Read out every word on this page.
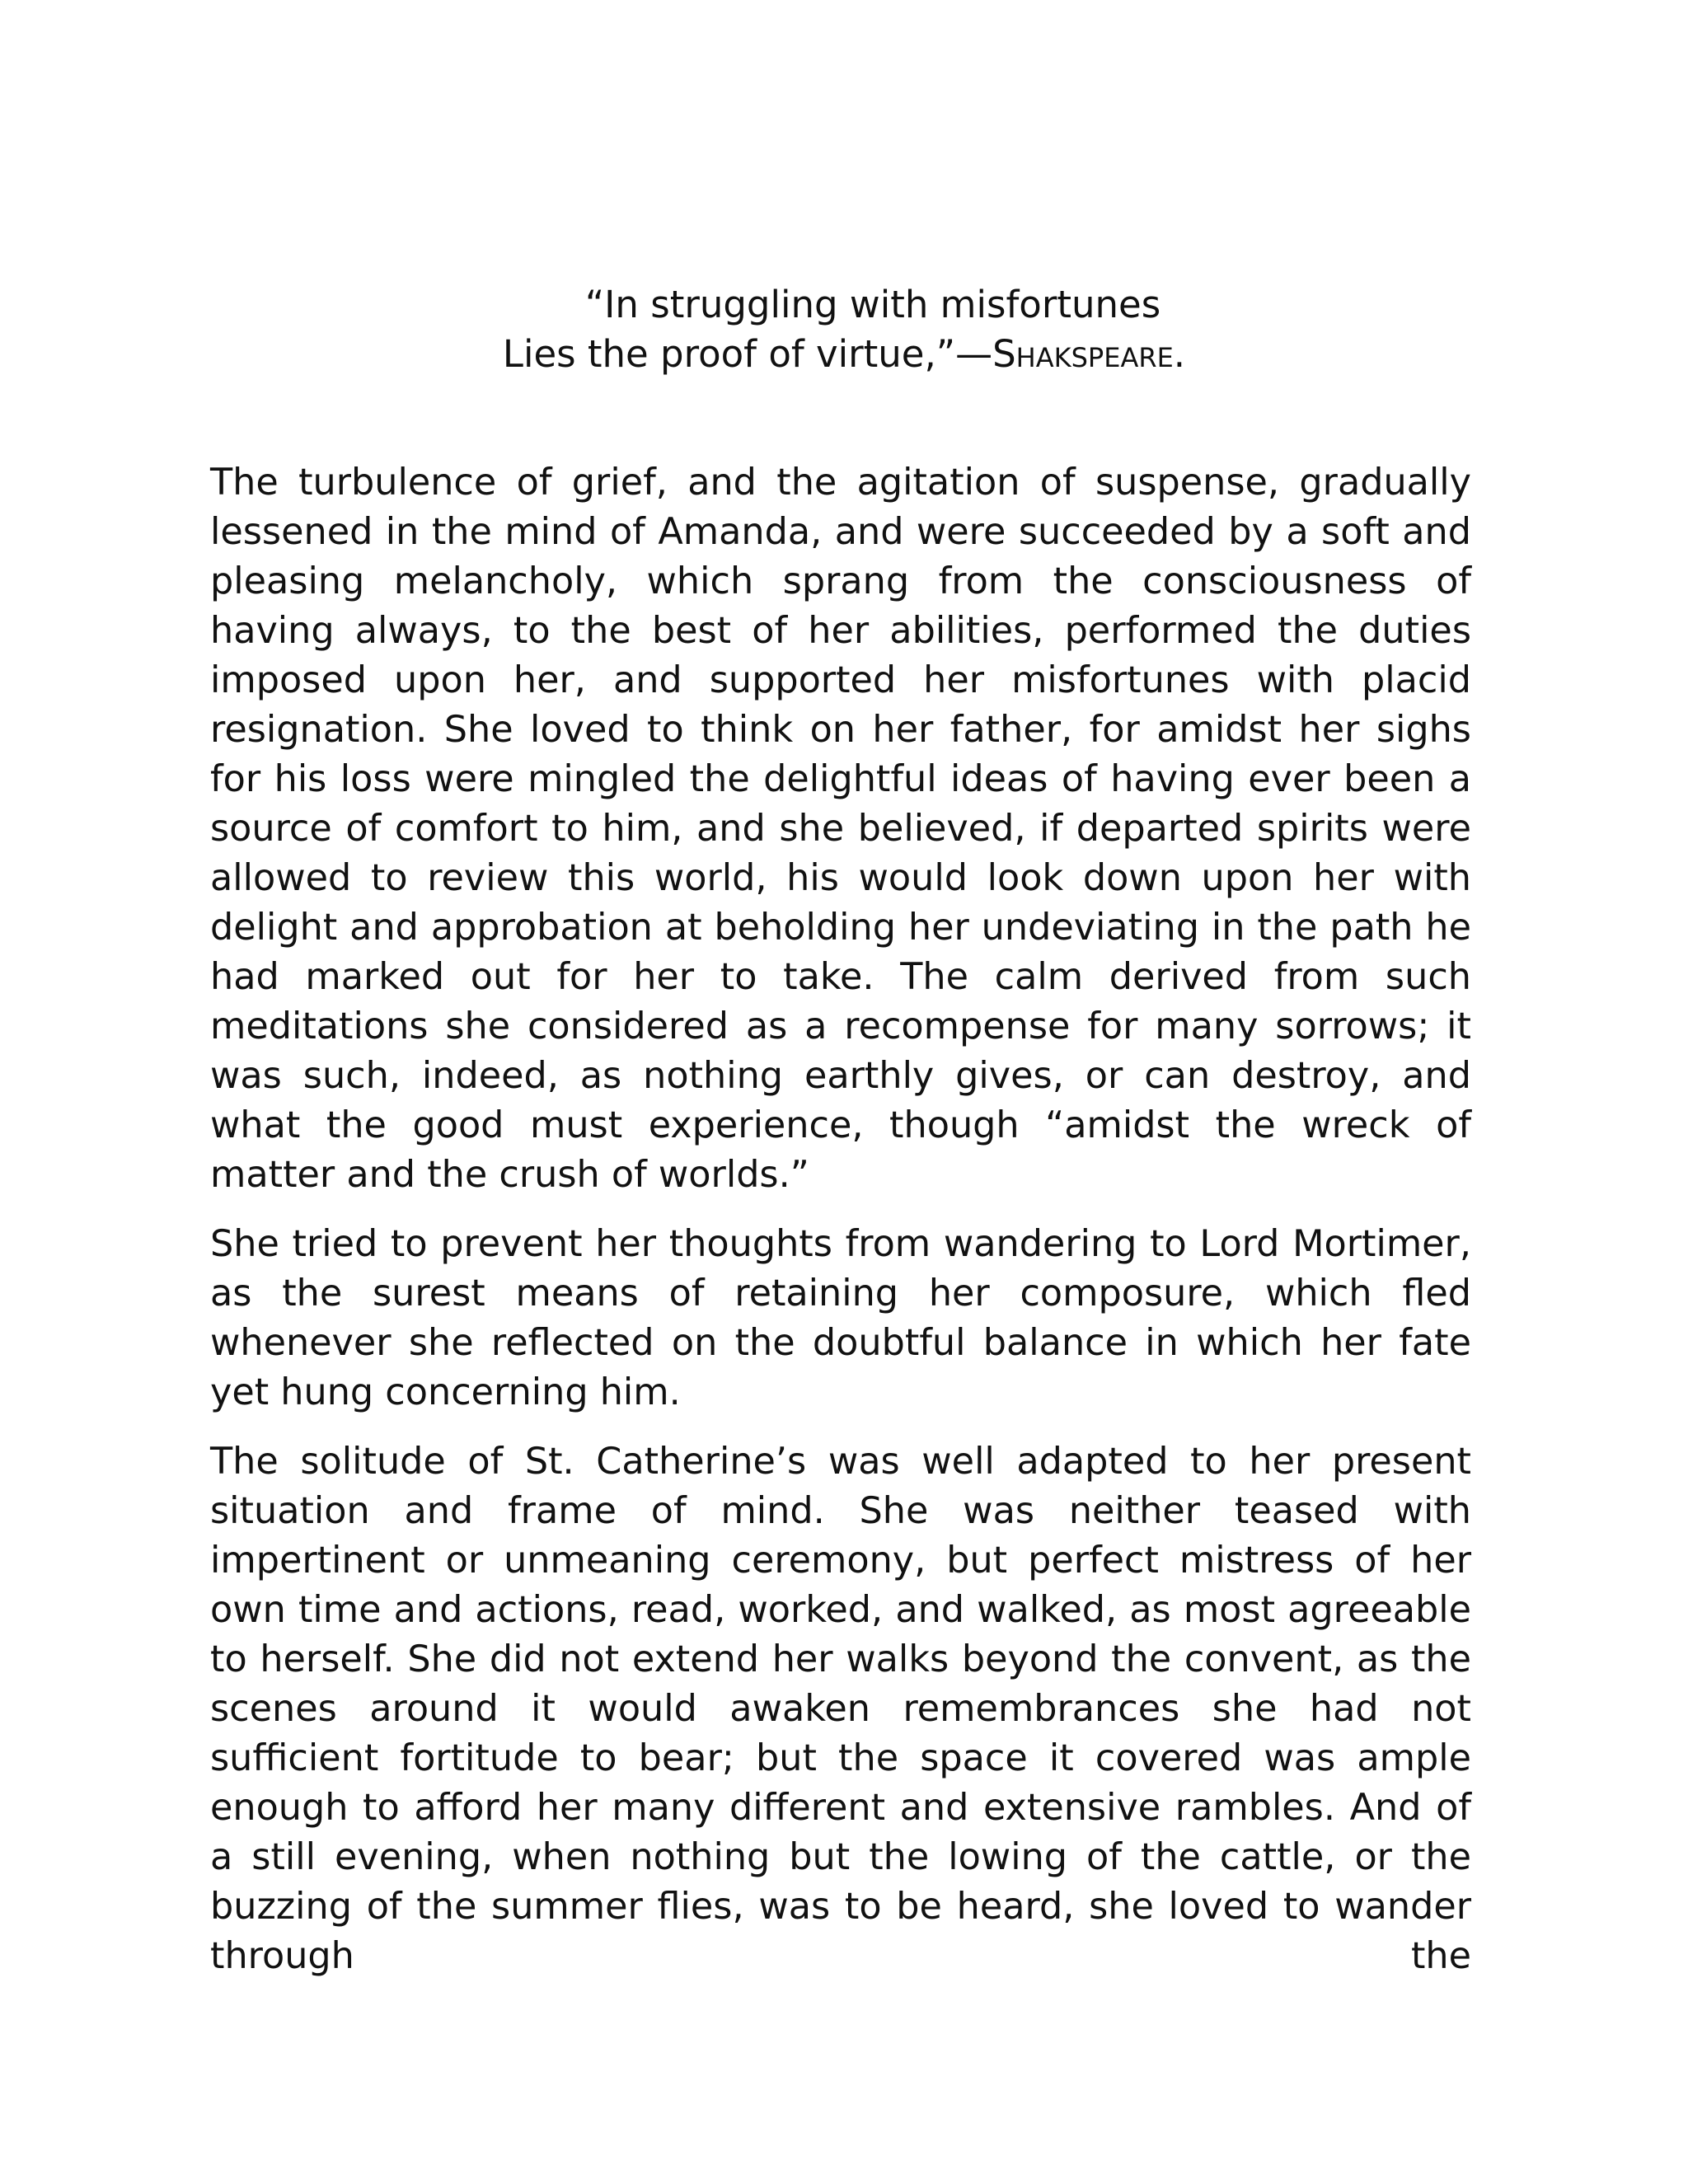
“In struggling with misfortunes
Lies the proof of virtue,”—Shakspeare.

The turbulence of grief, and the agitation of suspense, gradually lessened in the mind of Amanda, and were succeeded by a soft and pleasing melancholy, which sprang from the consciousness of having always, to the best of her abilities, performed the duties imposed upon her, and supported her misfortunes with placid resignation. She loved to think on her father, for amidst her sighs for his loss were mingled the delightful ideas of having ever been a source of comfort to him, and she believed, if departed spirits were allowed to review this world, his would look down upon her with delight and approbation at beholding her undeviating in the path he had marked out for her to take. The calm derived from such meditations she considered as a recompense for many sorrows; it was such, indeed, as nothing earthly gives, or can destroy, and what the good must experience, though “amidst the wreck of matter and the crush of worlds.”

She tried to prevent her thoughts from wandering to Lord Mortimer, as the surest means of retaining her composure, which fled whenever she reflected on the doubtful balance in which her fate yet hung concerning him.

The solitude of St. Catherine’s was well adapted to her present situation and frame of mind. She was neither teased with impertinent or unmeaning ceremony, but perfect mistress of her own time and actions, read, worked, and walked, as most agreeable to herself. She did not extend her walks beyond the convent, as the scenes around it would awaken remembrances she had not sufficient fortitude to bear; but the space it covered was ample enough to afford her many different and extensive rambles. And of a still evening, when nothing but the lowing of the cattle, or the buzzing of the summer flies, was to be heard, she loved to wander through the
